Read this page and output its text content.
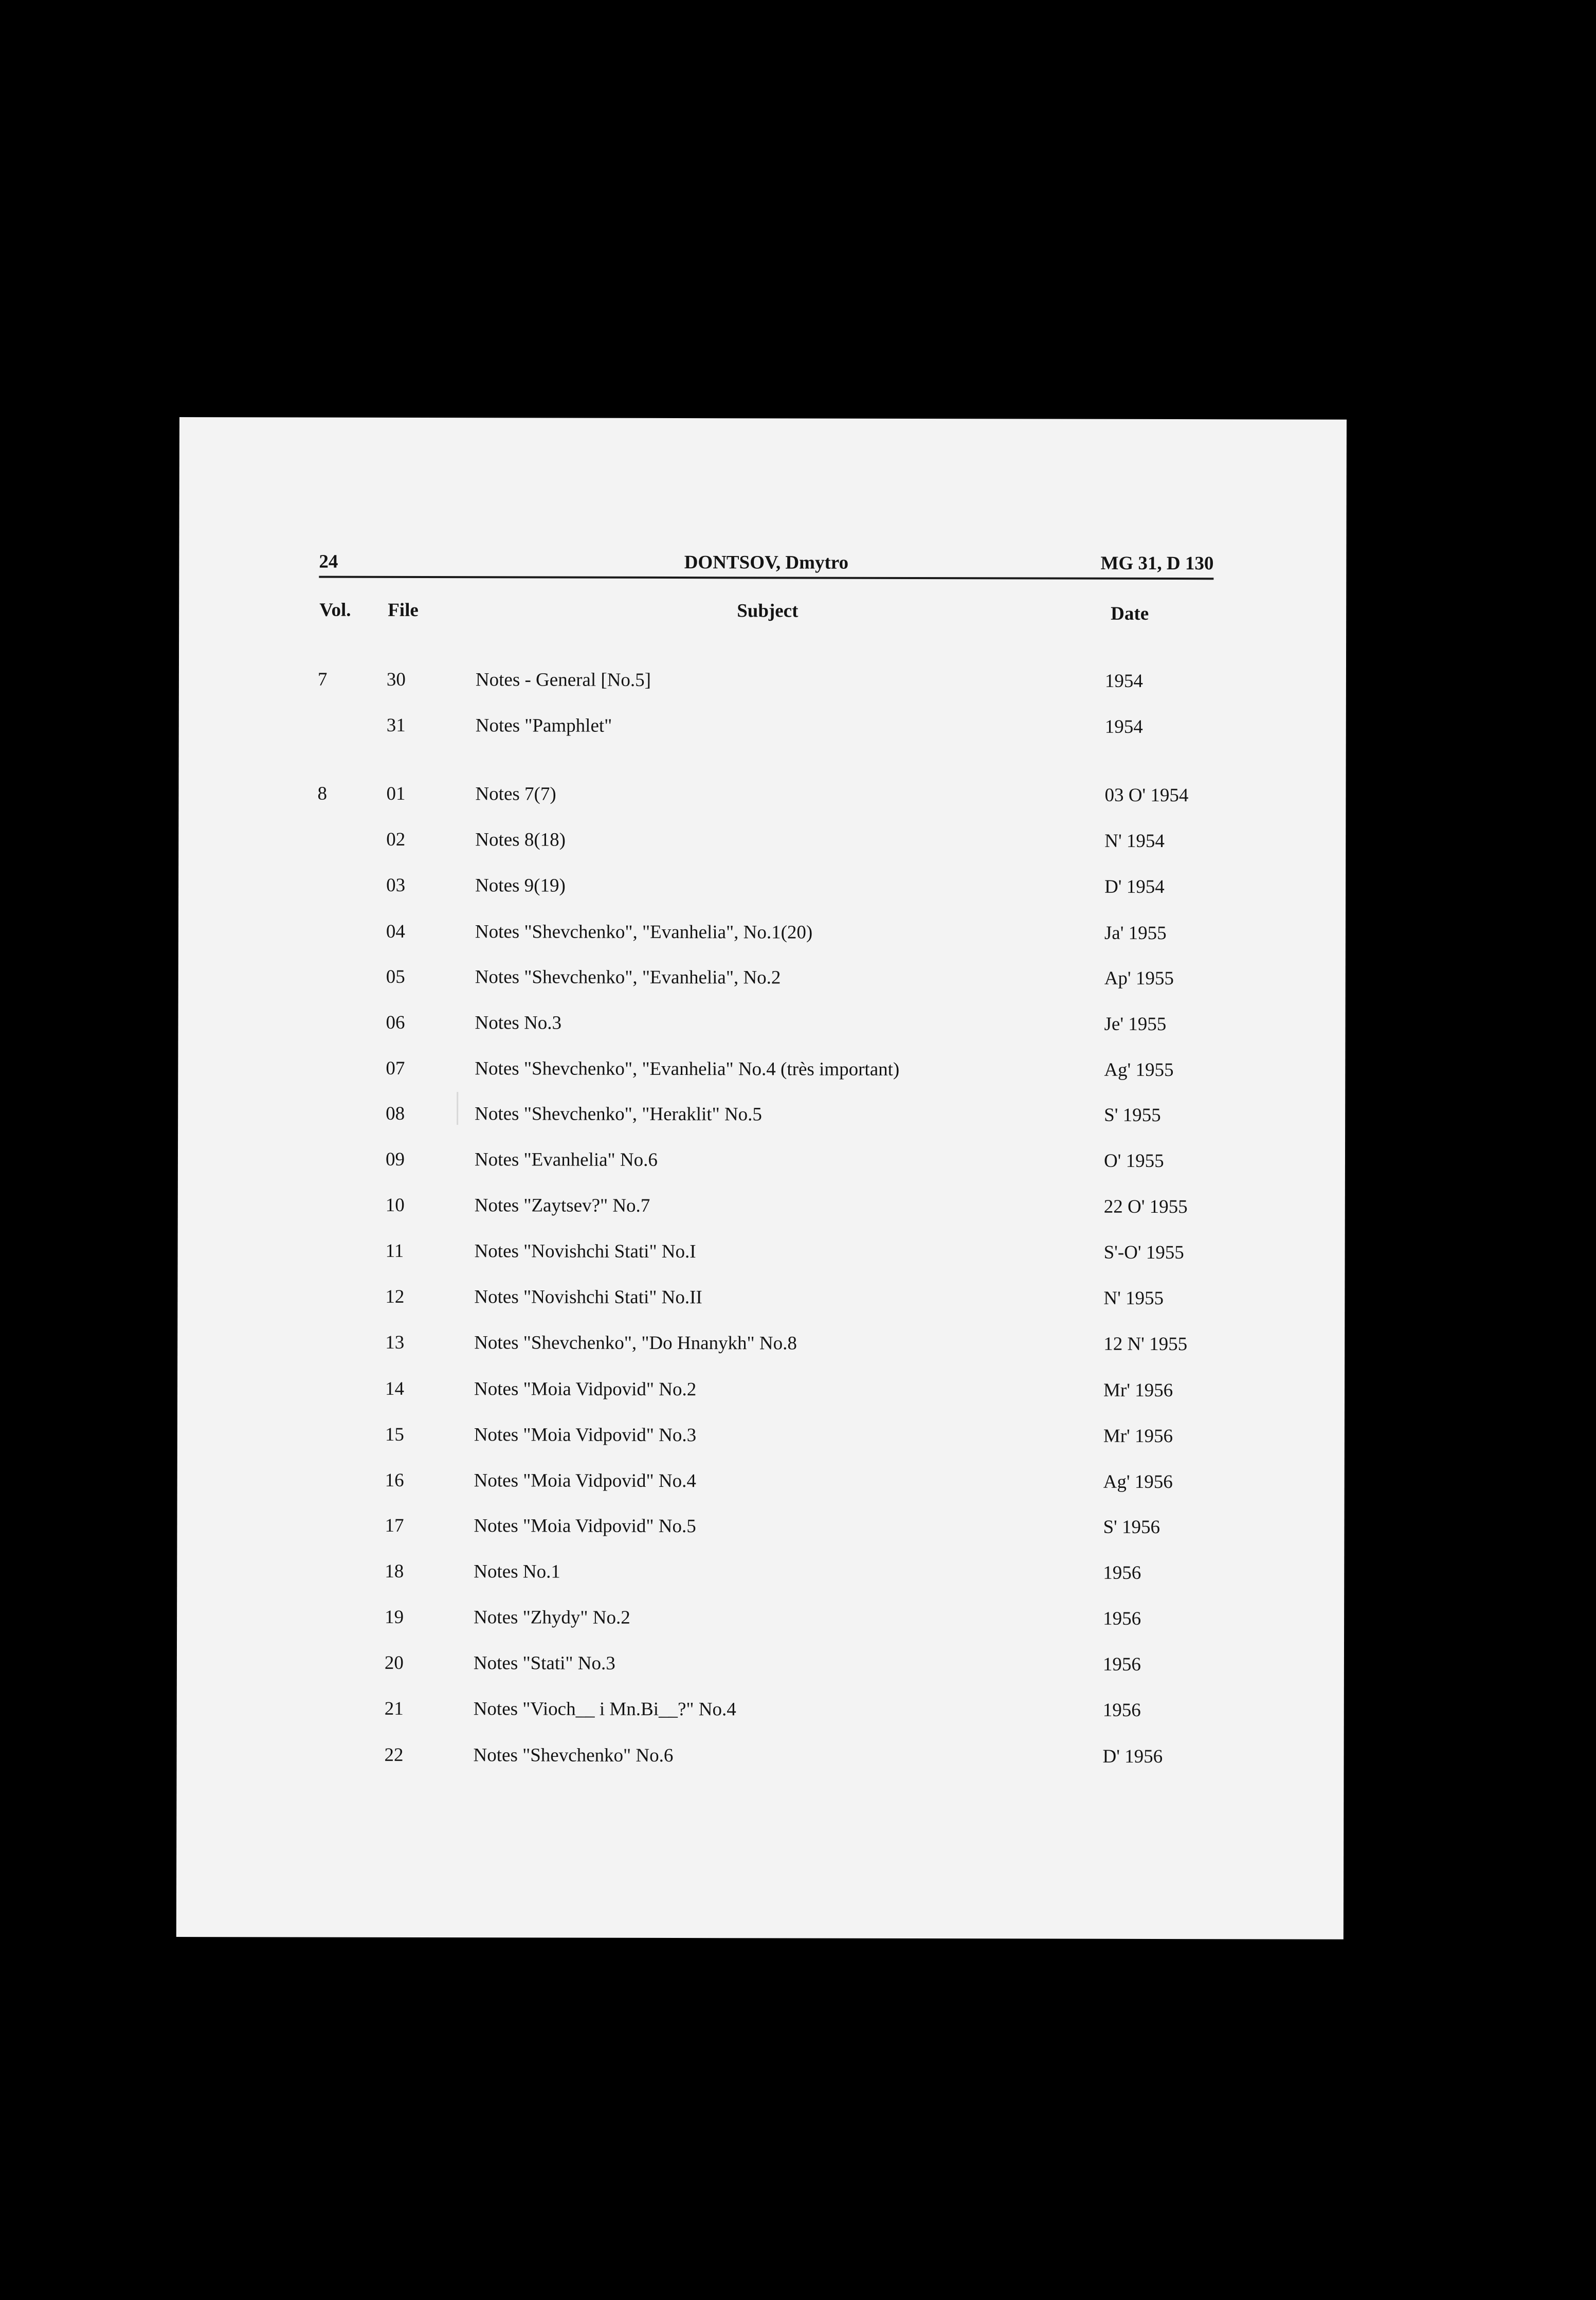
24	DONTSOV, Dmytro	MG 31, D 130
Vol. File	Subject	Date
7	30	Notes - General [No.5]	1954
31	Notes "Pamphlet"	1954
8	01	Notes 7(7)	03 O' 1954
02	Notes 8(18)	N' 1954
03	Notes 9(19)	D' 1954
04	Notes "Shevchenko", "Evanhelia", No.1(20)	Ja' 1955
05	Notes "Shevchenko", "Evanhelia", No.2	Ap' 1955
06	Notes No.3	Je' 1955
07	Notes "Shevchenko", "Evanhelia" No.4 (très important)	Ag' 1955
08	Notes "Shevchenko", "Heraklit" No.5	S' 1955
09	Notes "Evanhelia" No.6	O' 1955
10	Notes "Zaytsev?" No.7	22 O' 1955
11	Notes "Novishchi Stati" No.I	S'-O' 1955
12	Notes "Novishchi Stati" No.II	N' 1955
13	Notes "Shevchenko", "Do Hnanykh" No.8	12 N' 1955
14	Notes "Moia Vidpovid" No.2	Mr' 1956
15	Notes "Moia Vidpovid" No.3	Mr' 1956
16	Notes "Moia Vidpovid" No.4	Ag' 1956
17	Notes "Moia Vidpovid" No.5	S' 1956
18	Notes No.1	1956
19	Notes "Zhydy" No.2	1956
20	Notes "Stati" No.3	1956
21	Notes "Vioch__ i Mn.Bi__?" No.4	1956
22	Notes "Shevchenko" No.6	D' 1956
